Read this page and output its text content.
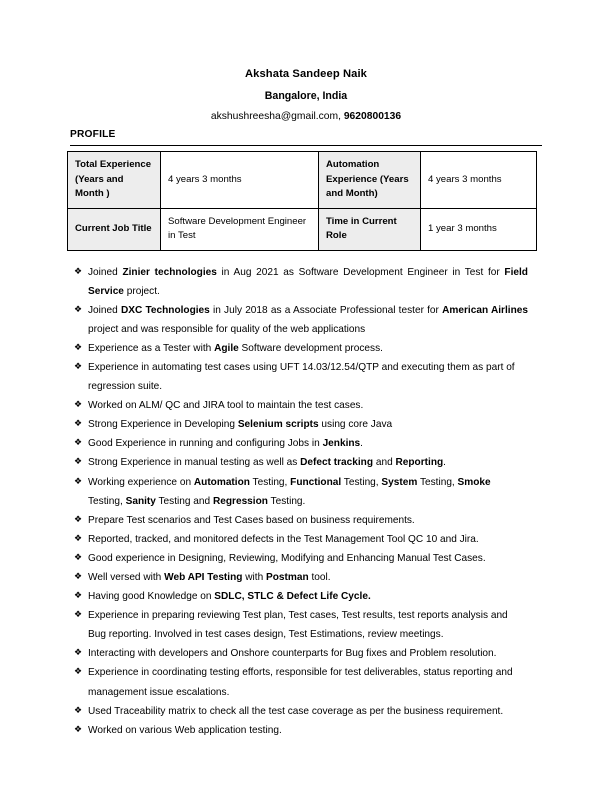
Akshata Sandeep Naik
Bangalore, India
akshushreesha@gmail.com, 9620800136
PROFILE
Total Experience (Years and Month )	4 years 3 months	Automation Experience (Years and Month)	4 years 3 months
Current Job Title	Software Development Engineer in Test	Time in Current Role	1 year 3 months
❖ Joined Zinier technologies in Aug 2021 as Software Development Engineer in Test for Field Service project.
❖ Joined DXC Technologies in July 2018 as a Associate Professional tester for American Airlines project and was responsible for quality of the web applications
❖ Experience as a Tester with Agile Software development process.
❖ Experience in automating test cases using UFT 14.03/12.54/QTP and executing them as part of regression suite.
❖ Worked on ALM/ QC and JIRA tool to maintain the test cases.
❖ Strong Experience in Developing Selenium scripts using core Java
❖ Good Experience in running and configuring Jobs in Jenkins.
❖ Strong Experience in manual testing as well as Defect tracking and Reporting.
❖ Working experience on Automation Testing, Functional Testing, System Testing, Smoke Testing, Sanity Testing and Regression Testing.
❖ Prepare Test scenarios and Test Cases based on business requirements.
❖ Reported, tracked, and monitored defects in the Test Management Tool QC 10 and Jira.
❖ Good experience in Designing, Reviewing, Modifying and Enhancing Manual Test Cases.
❖ Well versed with Web API Testing with Postman tool.
❖ Having good Knowledge on SDLC, STLC & Defect Life Cycle.
❖ Experience in preparing reviewing Test plan, Test cases, Test results, test reports analysis and Bug reporting. Involved in test cases design, Test Estimations, review meetings.
❖ Interacting with developers and Onshore counterparts for Bug fixes and Problem resolution.
❖ Experience in coordinating testing efforts, responsible for test deliverables, status reporting and management issue escalations.
❖ Used Traceability matrix to check all the test case coverage as per the business requirement.
❖ Worked on various Web application testing.
